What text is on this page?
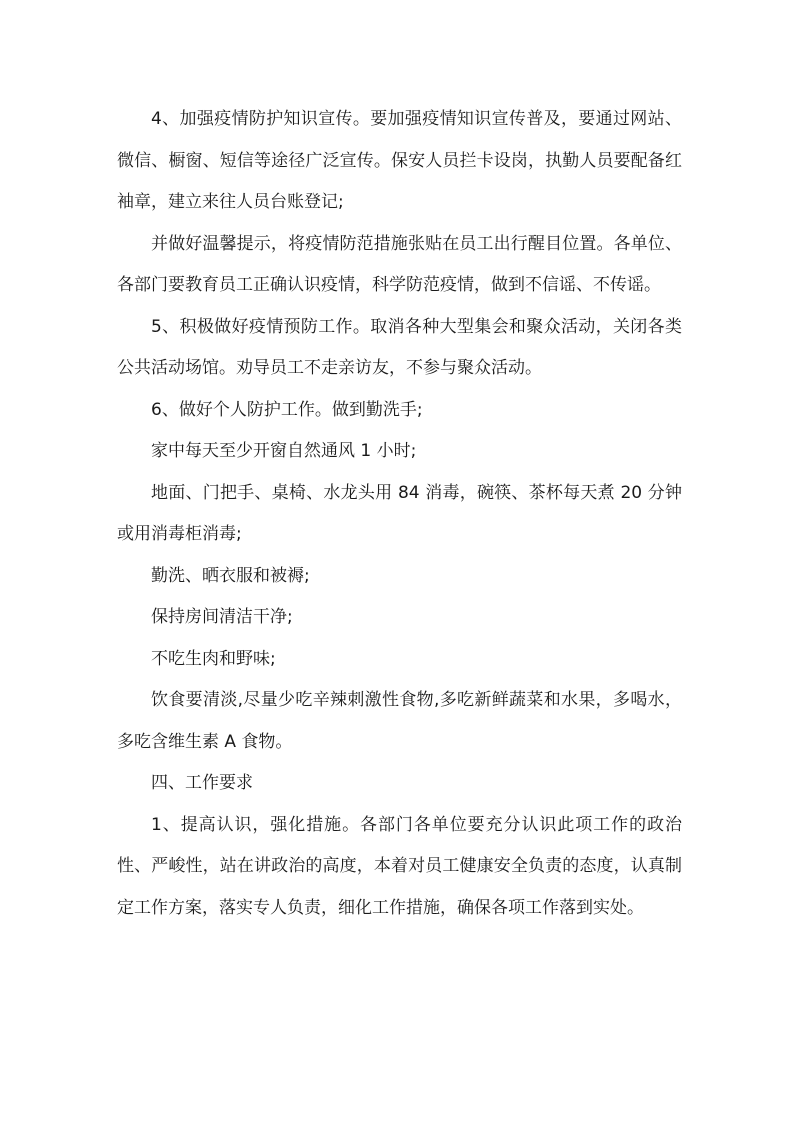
4、加强疫情防护知识宣传。要加强疫情知识宣传普及，要通过网站、微信、橱窗、短信等途径广泛宣传。保安人员拦卡设岗，执勤人员要配备红袖章，建立来往人员台账登记;

并做好温馨提示，将疫情防范措施张贴在员工出行醒目位置。各单位、各部门要教育员工正确认识疫情，科学防范疫情，做到不信谣、不传谣。

5、积极做好疫情预防工作。取消各种大型集会和聚众活动，关闭各类公共活动场馆。劝导员工不走亲访友，不参与聚众活动。

6、做好个人防护工作。做到勤洗手;

家中每天至少开窗自然通风 1 小时;

地面、门把手、桌椅、水龙头用 84 消毒，碗筷、茶杯每天煮 20 分钟或用消毒柜消毒;

勤洗、晒衣服和被褥;

保持房间清洁干净;

不吃生肉和野味;

饮食要清淡,尽量少吃辛辣刺激性食物,多吃新鲜蔬菜和水果，多喝水，多吃含维生素 A 食物。

四、工作要求

1、提高认识，强化措施。各部门各单位要充分认识此项工作的政治性、严峻性，站在讲政治的高度，本着对员工健康安全负责的态度，认真制定工作方案，落实专人负责，细化工作措施，确保各项工作落到实处。
